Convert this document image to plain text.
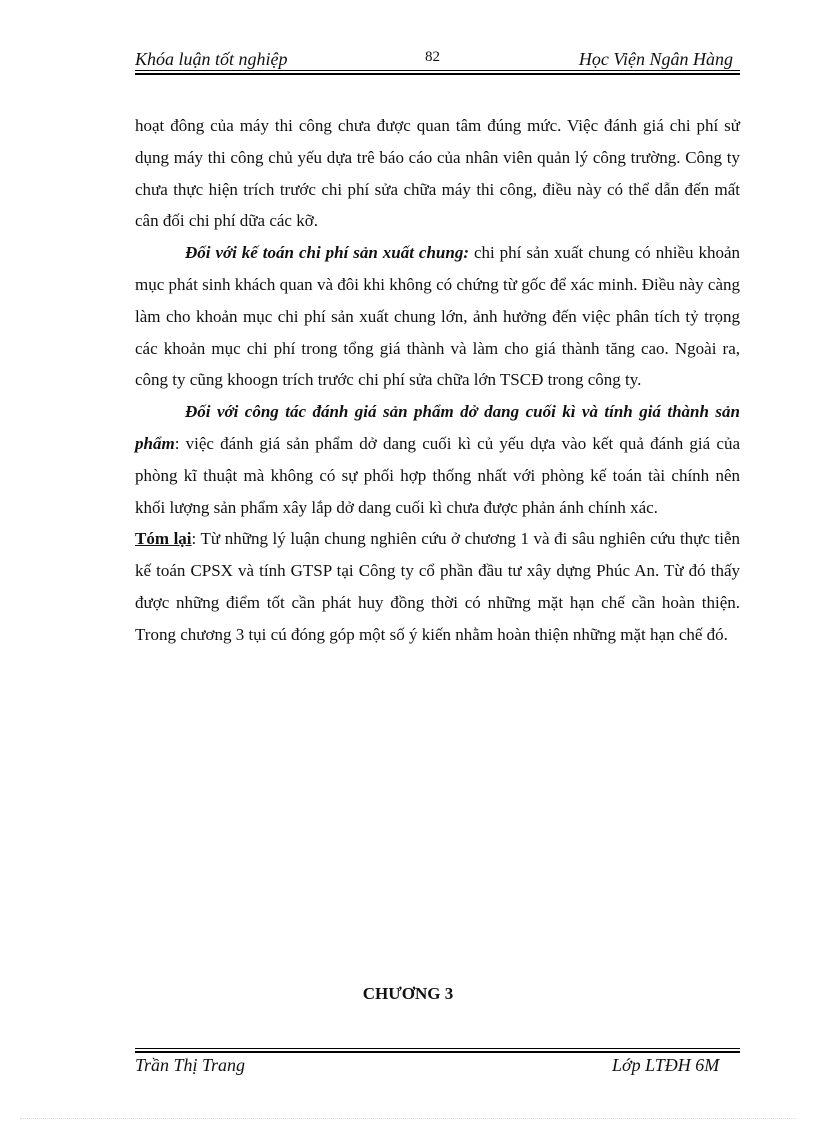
Khóa luận tốt nghiệp	82	Học Viện Ngân Hàng

hoạt đông của máy thi công chưa được quan tâm đúng mức. Việc đánh giá chi phí sử dụng máy thi công chủ yếu dựa trê báo cáo của nhân viên quản lý công trường. Công ty chưa thực hiện trích trước chi phí sửa chữa máy thi công, điều này có thể dẫn đến mất cân đối chi phí dữa các kỡ.

Đối với kế toán chi phí sản xuất chung: chi phí sản xuất chung có nhiều khoản mục phát sinh khách quan và đôi khi không có chứng từ gốc để xác minh. Điều này càng làm cho khoản mục chi phí sản xuất chung lớn, ảnh hưởng đến việc phân tích tỷ trọng các khoản mục chi phí trong tổng giá thành và làm cho giá thành tăng cao. Ngoài ra, công ty cũng khoogn trích trước chi phí sửa chữa lớn TSCĐ trong công ty.

Đối với công tác đánh giá sản phẩm dở dang cuối kì và tính giá thành sản phẩm: việc đánh giá sản phẩm dở dang cuối kì củ yếu dựa vào kết quả đánh giá của phòng kĩ thuật mà không có sự phối hợp thống nhất với phòng kế toán tài chính nên khối lượng sản phẩm xây lắp dở dang cuối kì chưa được phản ánh chính xác.

Tóm lại: Từ những lý luận chung nghiên cứu ở chương 1 và đi sâu nghiên cứu thực tiễn kế toán CPSX và tính GTSP tại Công ty cổ phần đầu tư xây dựng Phúc An. Từ đó thấy được những điểm tốt cần phát huy đồng thời có những mặt hạn chế cần hoàn thiện. Trong chương 3 tụi cú đóng góp một số ý kiến nhằm hoàn thiện những mặt hạn chế đó.

CHƯƠNG 3
Trần Thị Trang	Lớp LTĐH 6M
